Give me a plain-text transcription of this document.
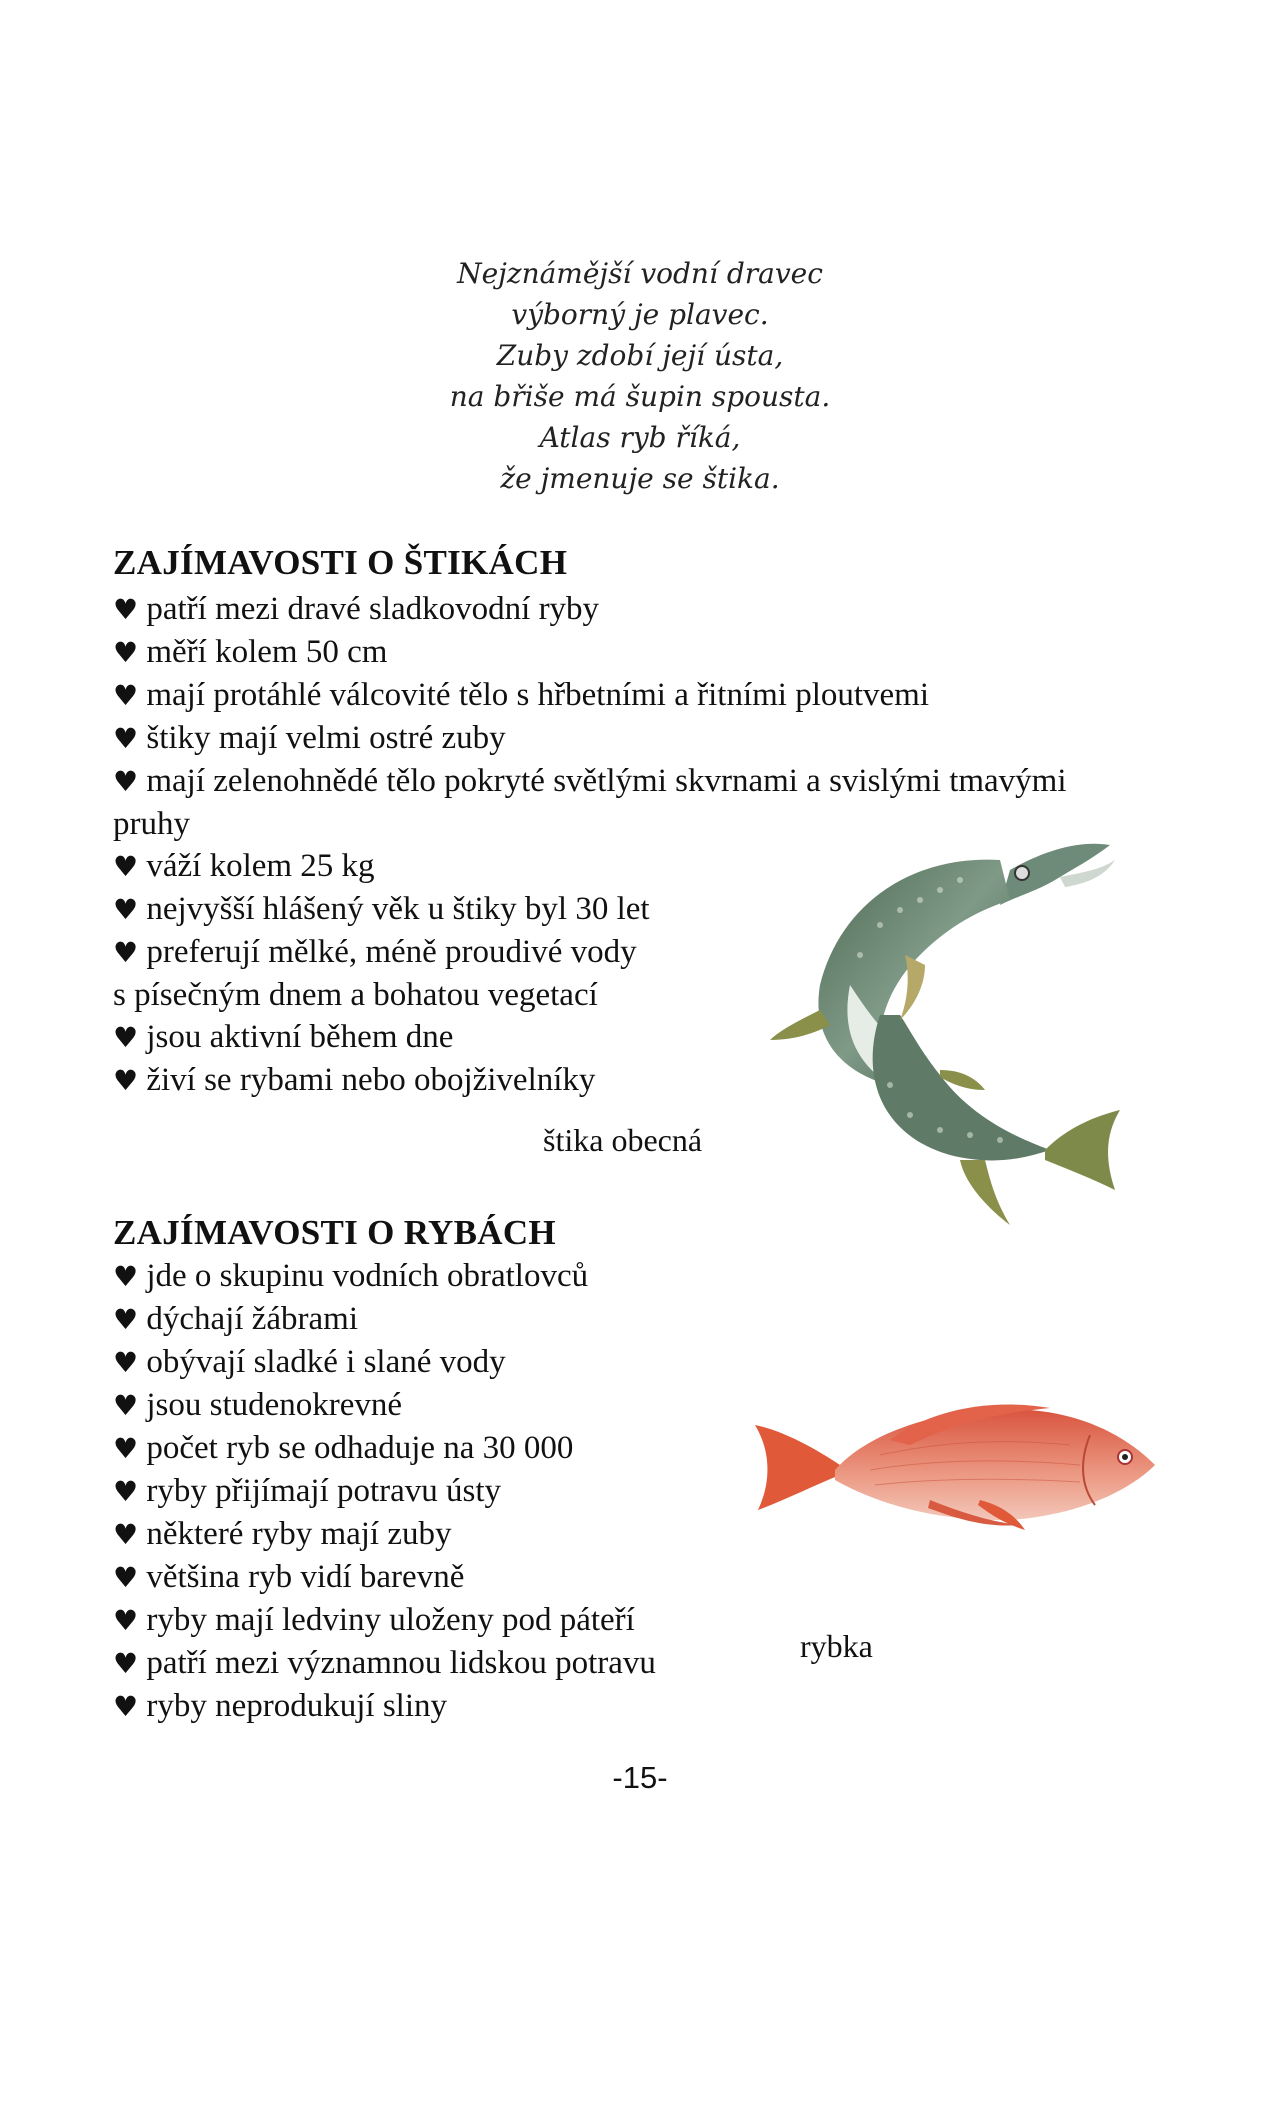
Nejznámější vodní dravec
výborný je plavec.
Zuby zdobí její ústa,
na břiše má šupin spousta.
Atlas ryb říká,
že jmenuje se štika.
ZAJÍMAVOSTI O ŠTIKÁCH
♥ patří mezi dravé sladkovodní ryby
♥ měří kolem 50 cm
♥ mají protáhlé válcovité tělo s hřbetními a řitními ploutvemi
♥ štiky mají velmi ostré zuby
♥ mají zelenohnědé tělo pokryté světlými skvrnami a svislými tmavými
pruhy
♥ váží kolem 25 kg
♥ nejvyšší hlášený věk u štiky byl 30 let
♥ preferují mělké, méně proudivé vody
s písečným dnem a bohatou vegetací
♥ jsou aktivní během dne
♥ živí se rybami nebo obojživelníky
štika obecná
ZAJÍMAVOSTI O RYBÁCH
♥ jde o skupinu vodních obratlovců
♥ dýchají žábrami
♥ obývají sladké i slané vody
♥ jsou studenokrevné
♥ počet ryb se odhaduje na 30 000
♥ ryby přijímají potravu ústy
♥ některé ryby mají zuby
♥ většina ryb vidí barevně
♥ ryby mají ledviny uloženy pod páteří
♥ patří mezi významnou lidskou potravu
♥ ryby neprodukují sliny
rybka
-15-
